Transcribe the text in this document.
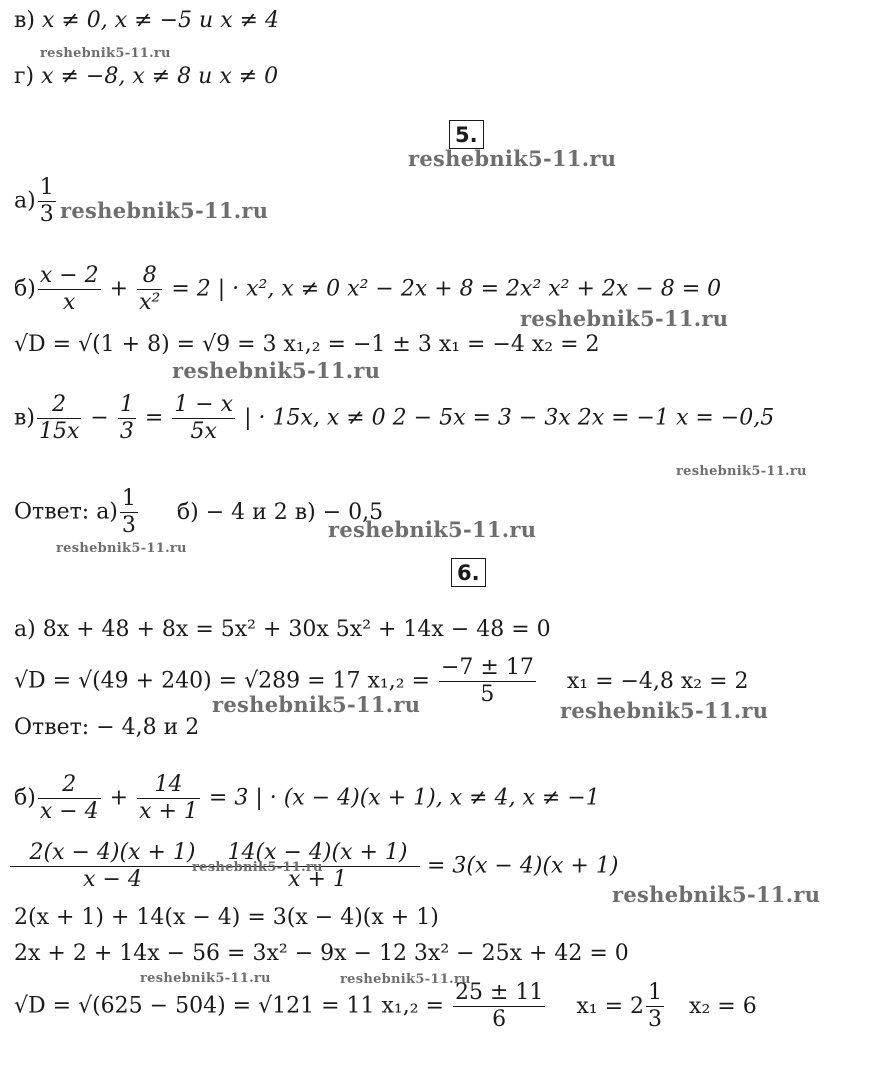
в) x ≠ 0, x ≠ −5 и x ≠ 4
г) x ≠ −8, x ≠ 8 и x ≠ 0
5.
$а) \frac{1}{3}$
$б) \frac{x - 2}{x} + \frac{8}{\text{x²}} = 2$ | · x², x ≠ 0 x² − 2x + 8 = 2x² x² + 2x − 8 = 0
√D = √(1 + 8) = √9 = 3 x₁,₂ = −1 ± 3 x₁ = −4 x₂ = 2
$в) \frac{2}{15x} - \frac{1}{3} = \frac{1 - x}{5x}$ | · 15x, x ≠ 0 2 − 5x = 3 − 3x 2x = −1 x = −0,5
Ответ: $а) \frac{1}{3} б) - 4$ и 2 в) − 0,5
6.
а) 8x + 48 + 8x = 5x² + 30x 5x² + 14x − 48 = 0
√D = √(49 + 240) = √289 = 17 $x_1,_2 = \frac{-7 \pm 17}{5} x_1 = -4,8$ x₂ = 2
Ответ: − 4,8 и 2
$б) \frac{2}{x - 4} + \frac{14}{x + 1} = 3$ | · (x − 4)(x + 1), x ≠ 4, x ≠ −1
2(x − 4)(x + 1) 14(x − 4)(x + 1)
x − 4	x + 1 = 3(x − 4)(x + 1)
2(x + 1) + 14(x − 4) = 3(x − 4)(x + 1)
2x + 2 + 14x − 56 = 3x² − 9x − 12 3x² − 25x + 42 = 0
√D = √(625 − 504) = √121 = 11 $x_1,_2 = \frac{25 \pm 11}{6} x_1 = 2 \frac{1}{3} x_2 = 6$
reshebnik5-11.ru
reshebnik5-11.ru
reshebnik5-11.ru
reshebnik5-11.ru
reshebnik5-11.ru
reshebnik5-11.ru
reshebnik5-11.ru
reshebnik5-11.ru
reshebnik5-11.ru	reshebnik5-11.ru
reshebnik5-11.ru
reshebnik5-11.ru
reshebnik5-11.ru	reshebnik5-11.ru
